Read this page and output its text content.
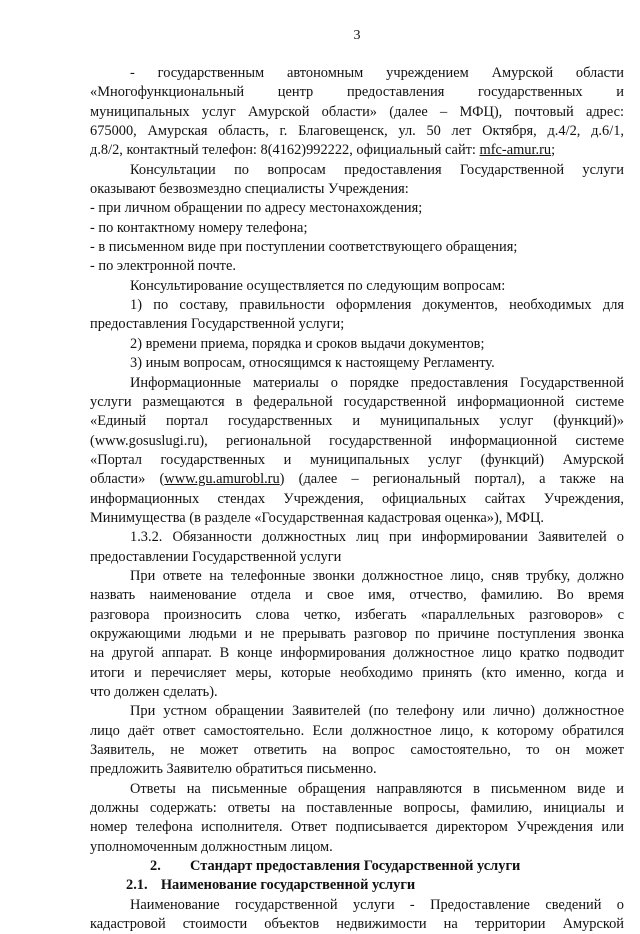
3
- государственным автономным учреждением Амурской области
«Многофункциональный центр предоставления государственных и
муниципальных услуг Амурской области» (далее – МФЦ), почтовый адрес:
675000, Амурская область, г. Благовещенск, ул. 50 лет Октября, д.4/2, д.6/1,
д.8/2, контактный телефон: 8(4162)992222, официальный сайт: mfc-amur.ru;
Консультации по вопросам предоставления Государственной услуги
оказывают безвозмездно специалисты Учреждения:
- при личном обращении по адресу местонахождения;
- по контактному номеру телефона;
- в письменном виде при поступлении соответствующего обращения;
- по электронной почте.
Консультирование осуществляется по следующим вопросам:
1) по составу, правильности оформления документов, необходимых для
предоставления Государственной услуги;
2) времени приема, порядка и сроков выдачи документов;
3) иным вопросам, относящимся к настоящему Регламенту.
Информационные материалы о порядке предоставления Государственной
услуги размещаются в федеральной государственной информационной системе
«Единый портал государственных и муниципальных услуг (функций)»
(www.gosuslugi.ru), региональной государственной информационной системе
«Портал государственных и муниципальных услуг (функций) Амурской
области» (www.gu.amurobl.ru) (далее – региональный портал), а также на
информационных стендах Учреждения, официальных сайтах Учреждения,
Минимущества (в разделе «Государственная кадастровая оценка»), МФЦ.
1.3.2. Обязанности должностных лиц при информировании Заявителей о
предоставлении Государственной услуги
При ответе на телефонные звонки должностное лицо, сняв трубку, должно
назвать наименование отдела и свое имя, отчество, фамилию. Во время
разговора произносить слова четко, избегать «параллельных разговоров» с
окружающими людьми и не прерывать разговор по причине поступления звонка
на другой аппарат. В конце информирования должностное лицо кратко подводит
итоги и перечисляет меры, которые необходимо принять (кто именно, когда и
что должен сделать).
При устном обращении Заявителей (по телефону или лично) должностное
лицо даёт ответ самостоятельно. Если должностное лицо, к которому обратился
Заявитель, не может ответить на вопрос самостоятельно, то он может
предложить Заявителю обратиться письменно.
Ответы на письменные обращения направляются в письменном виде и
должны содержать: ответы на поставленные вопросы, фамилию, инициалы и
номер телефона исполнителя. Ответ подписывается директором Учреждения или
уполномоченным должностным лицом.
2. Стандарт предоставления Государственной услуги
2.1. Наименование государственной услуги
Наименование государственной услуги - Предоставление сведений о
кадастровой стоимости объектов недвижимости на территории Амурской
